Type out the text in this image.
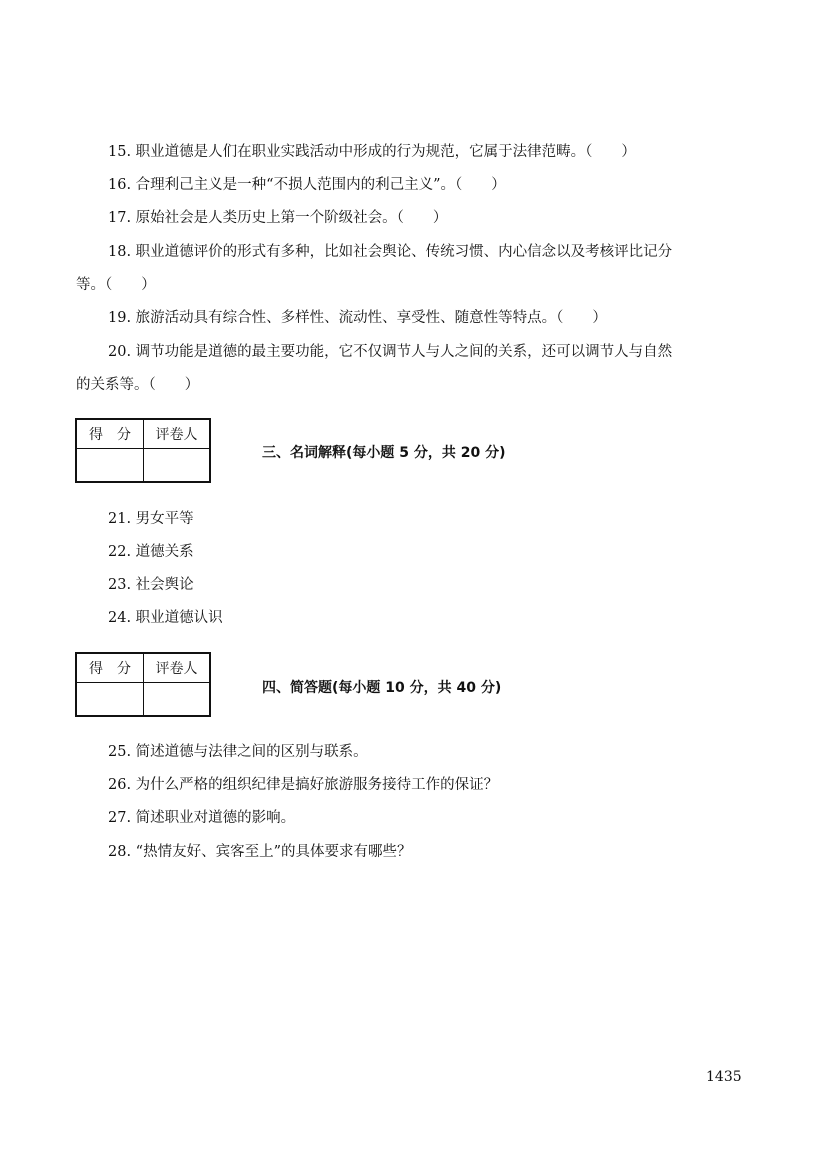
15. 职业道德是人们在职业实践活动中形成的行为规范，它属于法律范畴。（　　）
16. 合理利己主义是一种“不损人范围内的利己主义”。（　　）
17. 原始社会是人类历史上第一个阶级社会。（　　）
18. 职业道德评价的形式有多种，比如社会舆论、传统习惯、内心信念以及考核评比记分
等。（　　）
19. 旅游活动具有综合性、多样性、流动性、享受性、随意性等特点。（　　）
20. 调节功能是道德的最主要功能，它不仅调节人与人之间的关系，还可以调节人与自然
的关系等。（　　）
得　分	评卷人

三、名词解释(每小题 5 分，共 20 分)
21. 男女平等
22. 道德关系
23. 社会舆论
24. 职业道德认识
得　分	评卷人

四、简答题(每小题 10 分，共 40 分)
25. 简述道德与法律之间的区别与联系。
26. 为什么严格的组织纪律是搞好旅游服务接待工作的保证？
27. 简述职业对道德的影响。
28. “热情友好、宾客至上”的具体要求有哪些？
1435
